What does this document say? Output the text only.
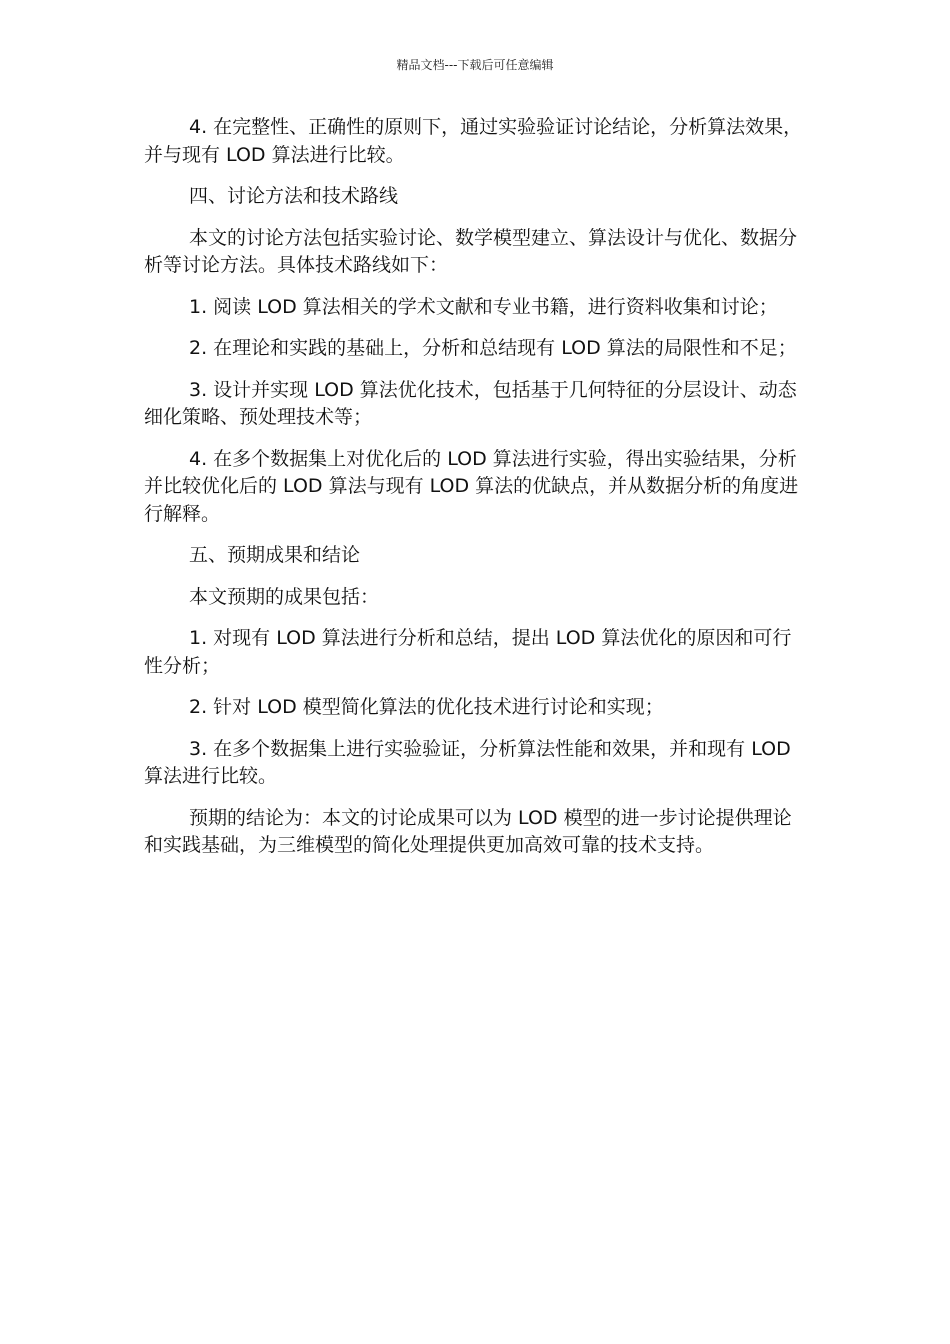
精品文档---下载后可任意编辑

4. 在完整性、正确性的原则下，通过实验验证讨论结论，分析算法效果，并与现有 LOD 算法进行比较。

四、讨论方法和技术路线

本文的讨论方法包括实验讨论、数学模型建立、算法设计与优化、数据分析等讨论方法。具体技术路线如下：

1. 阅读 LOD 算法相关的学术文献和专业书籍，进行资料收集和讨论；

2. 在理论和实践的基础上，分析和总结现有 LOD 算法的局限性和不足；

3. 设计并实现 LOD 算法优化技术，包括基于几何特征的分层设计、动态细化策略、预处理技术等；

4. 在多个数据集上对优化后的 LOD 算法进行实验，得出实验结果，分析并比较优化后的 LOD 算法与现有 LOD 算法的优缺点，并从数据分析的角度进行解释。

五、预期成果和结论

本文预期的成果包括：

1. 对现有 LOD 算法进行分析和总结，提出 LOD 算法优化的原因和可行性分析；

2. 针对 LOD 模型简化算法的优化技术进行讨论和实现；

3. 在多个数据集上进行实验验证，分析算法性能和效果，并和现有 LOD 算法进行比较。

预期的结论为：本文的讨论成果可以为 LOD 模型的进一步讨论提供理论和实践基础，为三维模型的简化处理提供更加高效可靠的技术支持。
